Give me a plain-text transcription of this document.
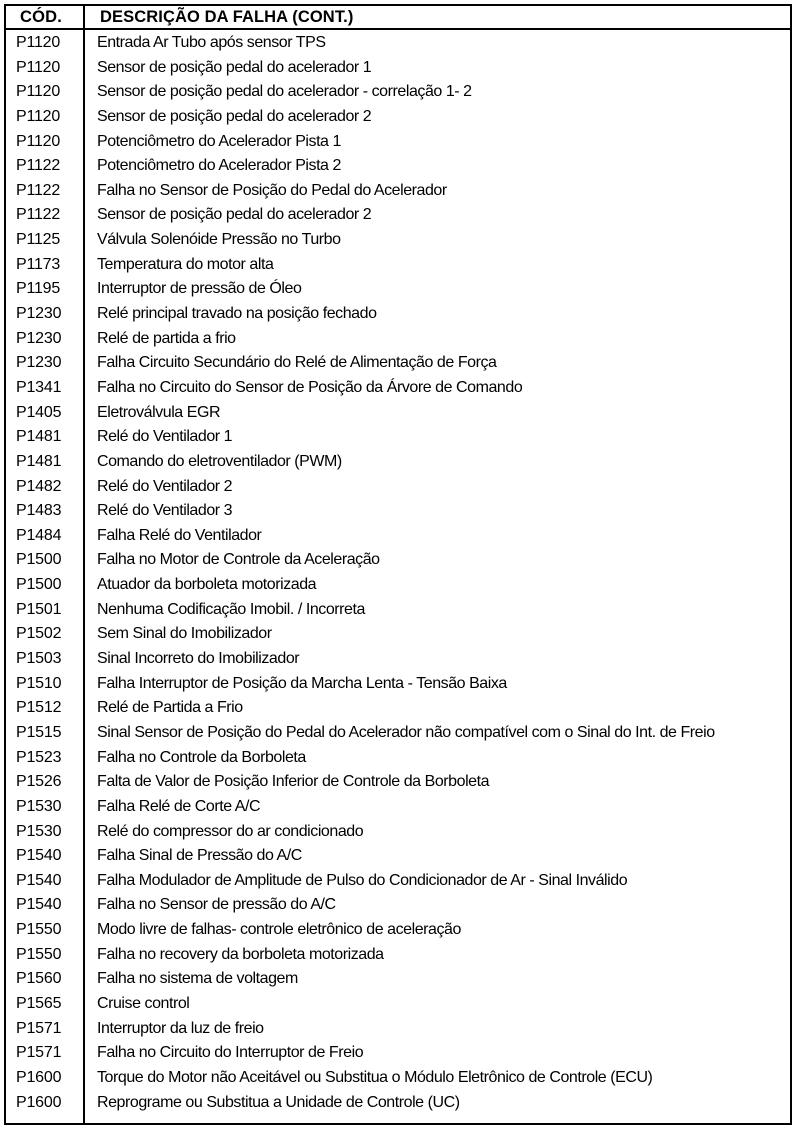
CÓD. DESCRIÇÃO DA FALHA (CONT.)
P1120 Entrada Ar Tubo após sensor TPS
P1120 Sensor de posição pedal do acelerador 1
P1120 Sensor de posição pedal do acelerador - correlação 1- 2
P1120 Sensor de posição pedal do acelerador 2
P1120 Potenciômetro do Acelerador Pista 1
P1122 Potenciômetro do Acelerador Pista 2
P1122 Falha no Sensor de Posição do Pedal do Acelerador
P1122 Sensor de posição pedal do acelerador 2
P1125 Válvula Solenóide Pressão no Turbo
P1173 Temperatura do motor alta
P1195 Interruptor de pressão de Óleo
P1230 Relé principal travado na posição fechado
P1230 Relé de partida a frio
P1230 Falha Circuito Secundário do Relé de Alimentação de Força
P1341 Falha no Circuito do Sensor de Posição da Árvore de Comando
P1405 Eletroválvula EGR
P1481 Relé do Ventilador 1
P1481 Comando do eletroventilador (PWM)
P1482 Relé do Ventilador 2
P1483 Relé do Ventilador 3
P1484 Falha Relé do Ventilador
P1500 Falha no Motor de Controle da Aceleração
P1500 Atuador da borboleta motorizada
P1501 Nenhuma Codificação Imobil. / Incorreta
P1502 Sem Sinal do Imobilizador
P1503 Sinal Incorreto do Imobilizador
P1510 Falha Interruptor de Posição da Marcha Lenta - Tensão Baixa
P1512 Relé de Partida a Frio
P1515 Sinal Sensor de Posição do Pedal do Acelerador não compatível com o Sinal do Int. de Freio
P1523 Falha no Controle da Borboleta
P1526 Falta de Valor de Posição Inferior de Controle da Borboleta
P1530 Falha Relé de Corte A/C
P1530 Relé do compressor do ar condicionado
P1540 Falha Sinal de Pressão do A/C
P1540 Falha Modulador de Amplitude de Pulso do Condicionador de Ar - Sinal Inválido
P1540 Falha no Sensor de pressão do A/C
P1550 Modo livre de falhas- controle eletrônico de aceleração
P1550 Falha no recovery da borboleta motorizada
P1560 Falha no sistema de voltagem
P1565 Cruise control
P1571 Interruptor da luz de freio
P1571 Falha no Circuito do Interruptor de Freio
P1600 Torque do Motor não Aceitável ou Substitua o Módulo Eletrônico de Controle (ECU)
P1600 Reprograme ou Substitua a Unidade de Controle (UC)
